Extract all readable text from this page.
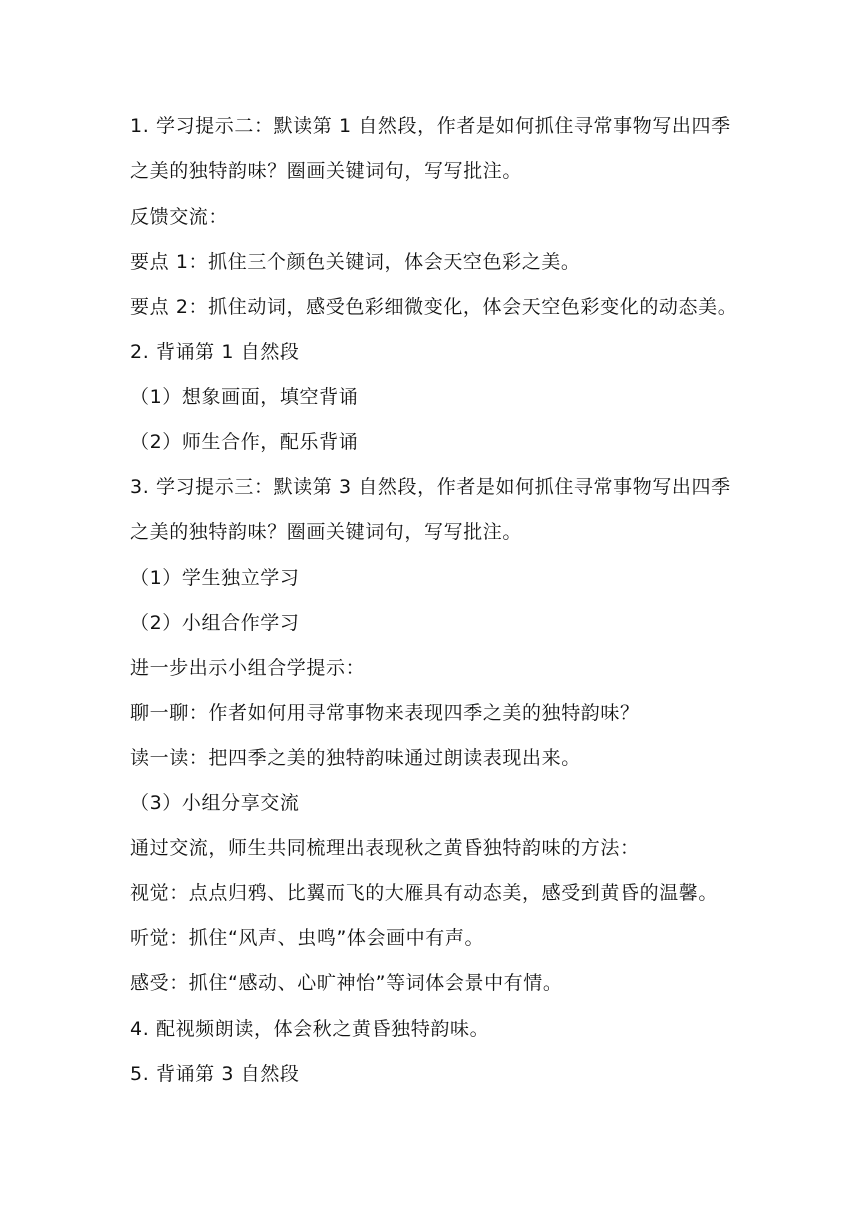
1. 学习提示二：默读第 1 自然段，作者是如何抓住寻常事物写出四季
之美的独特韵味？圈画关键词句，写写批注。
反馈交流：
要点 1：抓住三个颜色关键词，体会天空色彩之美。
要点 2：抓住动词，感受色彩细微变化，体会天空色彩变化的动态美。
2. 背诵第 1 自然段
（1）想象画面，填空背诵
（2）师生合作，配乐背诵
3. 学习提示三：默读第 3 自然段，作者是如何抓住寻常事物写出四季
之美的独特韵味？圈画关键词句，写写批注。
（1）学生独立学习
（2）小组合作学习
进一步出示小组合学提示：
聊一聊：作者如何用寻常事物来表现四季之美的独特韵味？
读一读：把四季之美的独特韵味通过朗读表现出来。
（3）小组分享交流
通过交流，师生共同梳理出表现秋之黄昏独特韵味的方法：
视觉：点点归鸦、比翼而飞的大雁具有动态美，感受到黄昏的温馨。
听觉：抓住“风声、虫鸣”体会画中有声。
感受：抓住“感动、心旷神怡”等词体会景中有情。
4. 配视频朗读，体会秋之黄昏独特韵味。
5. 背诵第 3 自然段
